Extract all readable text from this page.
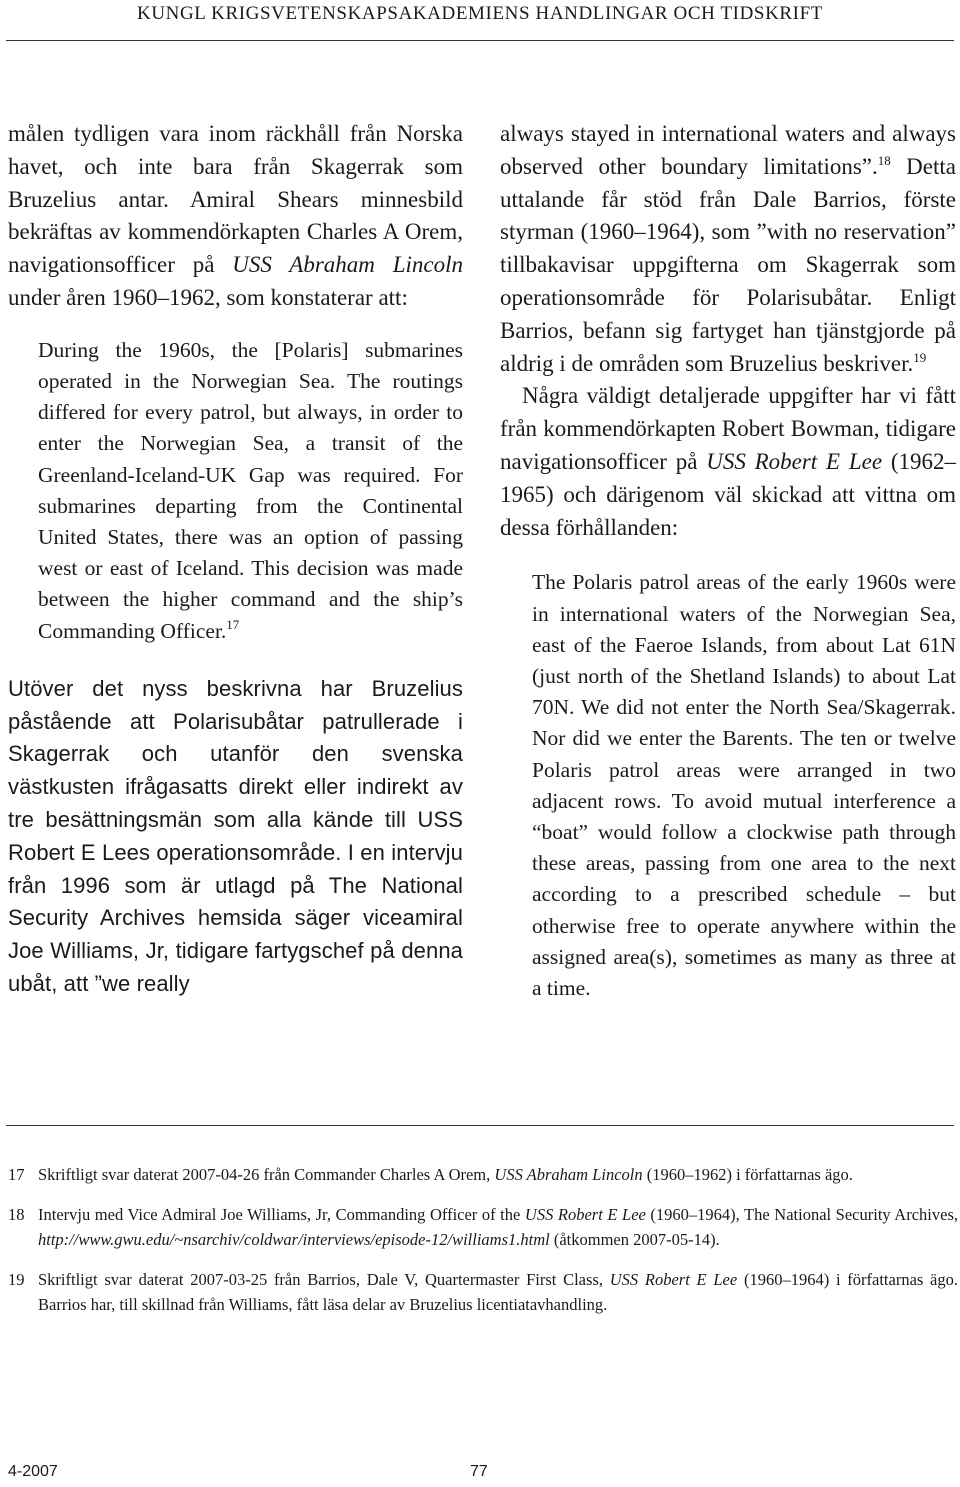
KUNGL KRIGSVETENSKAPSAKADEMIENS HANDLINGAR OCH TIDSKRIFT

målen tydligen vara inom räckhåll från Norska havet, och inte bara från Skagerrak som Bruzelius antar. Amiral Shears minnesbild bekräftas av kommendörkapten Charles A Orem, navigationsofficer på USS Abraham Lincoln under åren 1960–1962, som konstaterar att:

During the 1960s, the [Polaris] submarines operated in the Norwegian Sea. The routings differed for every patrol, but always, in order to enter the Norwegian Sea, a transit of the Greenland-Iceland-UK Gap was required. For submarines departing from the Continental United States, there was an option of passing west or east of Iceland. This decision was made between the higher command and the ship’s Commanding Officer.$^{17}$

Utöver det nyss beskrivna har Bruzelius påstående att Polarisubåtar patrullerade i Skagerrak och utanför den svenska västkusten ifrågasatts direkt eller indirekt av tre besättningsmän som alla kände till USS Robert E Lees operationsområde. I en intervju från 1996 som är utlagd på The National Security Archives hemsida säger viceamiral Joe Williams, Jr, tidigare fartygschef på denna ubåt, att ”we really

always stayed in international waters and always observed other boundary limitations”.$^{18}$ Detta uttalande får stöd från Dale Barrios, förste styrman (1960–1964), som ”with no reservation” tillbakavisar uppgifterna om Skagerrak som operationsområde för Polarisubåtar. Enligt Barrios, befann sig fartyget han tjänstgjorde på aldrig i de områden som Bruzelius beskriver.$^{19}$

Några väldigt detaljerade uppgifter har vi fått från kommendörkapten Robert Bowman, tidigare navigationsofficer på USS Robert E Lee (1962–1965) och därigenom väl skickad att vittna om dessa förhållanden:

The Polaris patrol areas of the early 1960s were in international waters of the Norwegian Sea, east of the Faeroe Islands, from about Lat 61N (just north of the Shetland Islands) to about Lat 70N. We did not enter the North Sea/Skagerrak. Nor did we enter the Barents. The ten or twelve Polaris patrol areas were arranged in two adjacent rows. To avoid mutual interference a “boat” would follow a clockwise path through these areas, passing from one area to the next according to a prescribed schedule – but otherwise free to operate anywhere within the assigned area(s), sometimes as many as three at a time.

17 Skriftligt svar daterat 2007-04-26 från Commander Charles A Orem, USS Abraham Lincoln (1960–1962) i författarnas ägo.
18 Intervju med Vice Admiral Joe Williams, Jr, Commanding Officer of the USS Robert E Lee (1960–1964), The National Security Archives, http://www.gwu.edu/~nsarchiv/coldwar/interviews/episode-12/williams1.html (åtkommen 2007-05-14).
19 Skriftligt svar daterat 2007-03-25 från Barrios, Dale V, Quartermaster First Class, USS Robert E Lee (1960–1964) i författarnas ägo. Barrios har, till skillnad från Williams, fått läsa delar av Bruzelius licentiatavhandling.
4-2007	77
